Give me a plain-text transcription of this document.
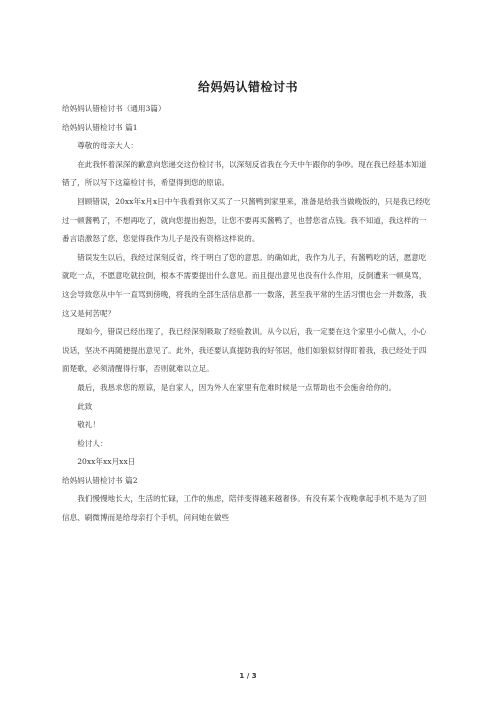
给妈妈认错检讨书

给妈妈认错检讨书（通用3篇）

给妈妈认错检讨书 篇1

尊敬的母亲大人：

在此我怀着深深的歉意向您递交这份检讨书，以深刻反省我在今天中午跟你的争吵。现在我已经基本知道错了，所以写下这篇检讨书，希望得到您的原谅。

回顾错误，20xx年x月x日中午我看到你又买了一只酱鸭到家里来，准备是给我当做晚饭的，只是我已经吃过一顿酱鸭了，不想再吃了，就向您提出抱怨，让您不要再买酱鸭了，也替您省点钱。我不知道，我这样的一番言语激怒了您，您觉得我作为儿子是没有资格这样说的。

错误发生以后，我经过深刻反省，终于明白了您的意思。的确如此，我作为儿子，有酱鸭吃的话，愿意吃就吃一点，不愿意吃就拉倒，根本不需要提出什么意见。而且提出意见也没有什么作用，反倒遭来一顿臭骂，这会导致您从中午一直骂到傍晚，将我的全部生活信息都一一数落，甚至我平常的生活习惯也会一并数落，我这又是何苦呢？

现如今，错误已经出现了，我已经深刻吸取了经验教训。从今以后，我一定要在这个家里小心做人，小心说话，坚决不再随便提出意见了。此外，我还要认真提防我的好邻居，他们如狼似豺得盯着我，我已经处于四面楚歌，必须清醒得行事，否则就难以立足。

最后，我恳求您的原谅，是自家人，因为外人在家里有危难时候是一点帮助也不会施舍给你的。

此致

敬礼！

检讨人：

20xx年xx月xx日

给妈妈认错检讨书 篇2

我们慢慢地长大，生活的忙碌，工作的焦虑，陪伴变得越来越奢侈。有没有某个夜晚拿起手机不是为了回信息、刷微博而是给母亲打个手机，问问她在做些

1 / 3
